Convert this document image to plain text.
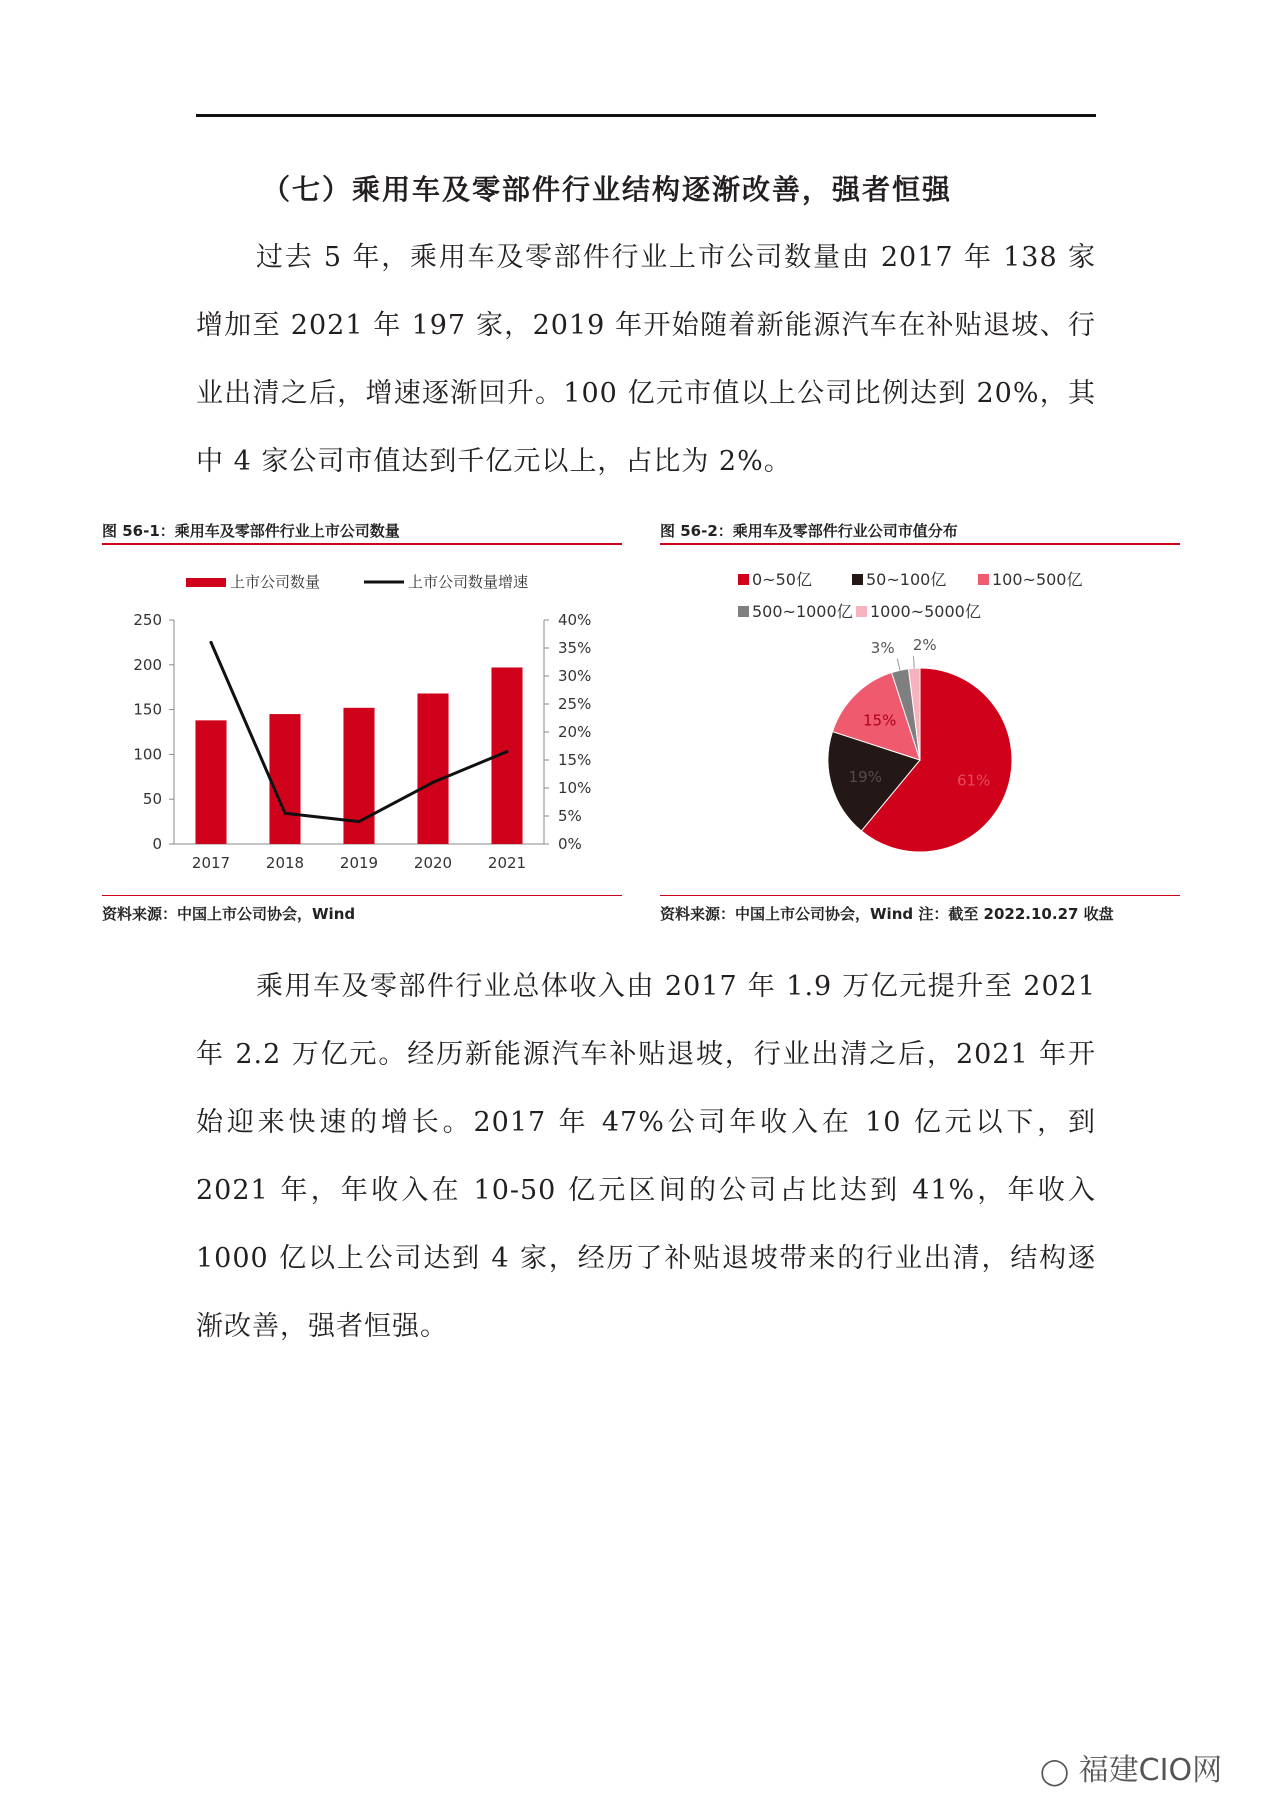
（七）乘用车及零部件行业结构逐渐改善，强者恒强

过去 5 年，乘用车及零部件行业上市公司数量由 2017 年 138 家增加至 2021 年 197 家，2019 年开始随着新能源汽车在补贴退坡、行业出清之后，增速逐渐回升。100 亿元市值以上公司比例达到 20%，其中 4 家公司市值达到千亿元以上，占比为 2%。

图 56-1：乘用车及零部件行业上市公司数量
上市公司数量	上市公司数量增速
0
50
100
150
200
250
0%
5%
10%
15%
20%
25%
30%
35%
40%
2017 2018 2019 2020 2021
资料来源：中国上市公司协会，Wind
图 56-2：乘用车及零部件行业公司市值分布
0~50亿	50~100亿	100~500亿
500~1000亿 1000~5000亿
61%
19%
15%
3% 2%
资料来源：中国上市公司协会，Wind 注：截至 2022.10.27 收盘

乘用车及零部件行业总体收入由 2017 年 1.9 万亿元提升至 2021 年 2.2 万亿元。经历新能源汽车补贴退坡，行业出清之后，2021 年开始迎来快速的增长。2017 年 47%公司年收入在 10 亿元以下，到 2021 年，年收入在 10-50 亿元区间的公司占比达到 41%，年收入 1000 亿以上公司达到 4 家，经历了补贴退坡带来的行业出清，结构逐渐改善，强者恒强。

◯ 福建CIO网
